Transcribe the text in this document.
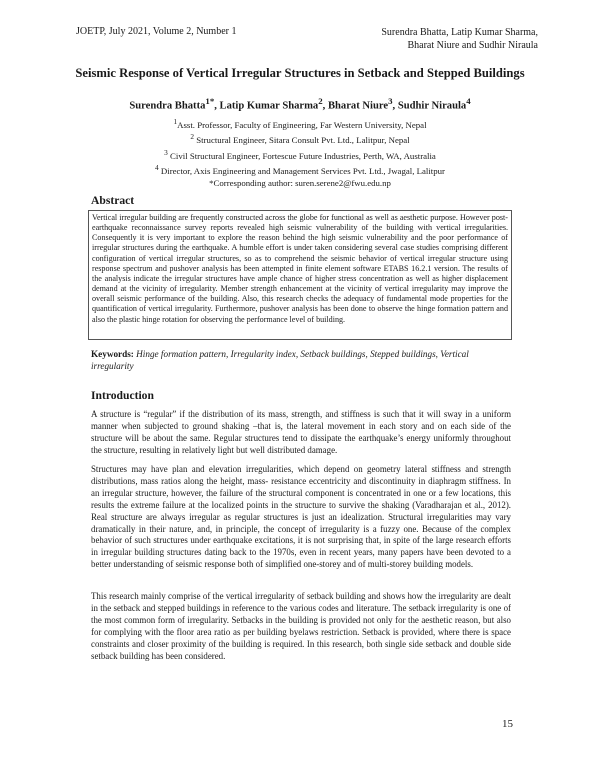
JOETP, July 2021, Volume 2, Number 1	Surendra Bhatta, Latip Kumar Sharma,
Bharat Niure and Sudhir Niraula
Seismic Response of Vertical Irregular Structures in Setback and Stepped Buildings
Surendra Bhatta$^{1*}$, Latip Kumar Sharma$^2$, Bharat Niure$^3$, Sudhir Niraula$^4$
$^1$Asst. Professor, Faculty of Engineering, Far Western University, Nepal
$^2$ Structural Engineer, Sitara Consult Pvt. Ltd., Lalitpur, Nepal
$^3$ Civil Structural Engineer, Fortescue Future Industries, Perth, WA, Australia
$^4$ Director, Axis Engineering and Management Services Pvt. Ltd., Jwagal, Lalitpur
*Corresponding author: suren.serene2@fwu.edu.np
Abstract
Vertical irregular building are frequently constructed across the globe for functional as well as aesthetic purpose. However post-earthquake reconnaissance survey reports revealed high seismic vulnerability of the building with vertical irregularities. Consequently it is very important to explore the reason behind the high seismic vulnerability and the poor performance of irregular structures during the earthquake. A humble effort is under taken considering several case studies comprising different configuration of vertical irregular structures, so as to comprehend the seismic behavior of vertical irregular structure using response spectrum and pushover analysis has been attempted in finite element software ETABS 16.2.1 version. The results of the analysis indicate the irregular structures have ample chance of higher stress concentration as well as higher displacement demand at the vicinity of irregularity. Member strength enhancement at the vicinity of vertical irregularity may improve the overall seismic performance of the building. Also, this research checks the adequacy of fundamental mode properties for the quantification of vertical irregularity. Furthermore, pushover analysis has been done to observe the hinge formation pattern and also the plastic hinge rotation for observing the performance level of building.
Keywords: Hinge formation pattern, Irregularity index, Setback buildings, Stepped buildings, Vertical irregularity
Introduction

A structure is “regular” if the distribution of its mass, strength, and stiffness is such that it will sway in a uniform manner when subjected to ground shaking –that is, the lateral movement in each story and on each side of the structure will be about the same. Regular structures tend to dissipate the earthquake’s energy uniformly throughout the structure, resulting in relatively light but well distributed damage.

Structures may have plan and elevation irregularities, which depend on geometry lateral stiffness and strength distributions, mass ratios along the height, mass- resistance eccentricity and discontinuity in diaphragm stiffness. In an irregular structure, however, the failure of the structural component is concentrated in one or a few locations, this results the extreme failure at the localized points in the structure to survive the shaking (Varadharajan et al., 2012). Real structure are always irregular as regular structures is just an idealization. Structural irregularities may vary dramatically in their nature, and, in principle, the concept of irregularity is a fuzzy one. Because of the complex behavior of such structures under earthquake excitations, it is not surprising that, in spite of the large research efforts in irregular building structures dating back to the 1970s, even in recent years, many papers have been devoted to a better understanding of seismic response both of simplified one-storey and of multi-storey building models.

This research mainly comprise of the vertical irregularity of setback building and shows how the irregularity are dealt in the setback and stepped buildings in reference to the various codes and literature. The setback irregularity is one of the most common form of irregularity. Setbacks in the building is provided not only for the aesthetic reason, but also for complying with the floor area ratio as per building byelaws restriction. Setback is provided, where there is space constraints and closer proximity of the building is required. In this research, both single side setback and double side setback building has been considered.

15
